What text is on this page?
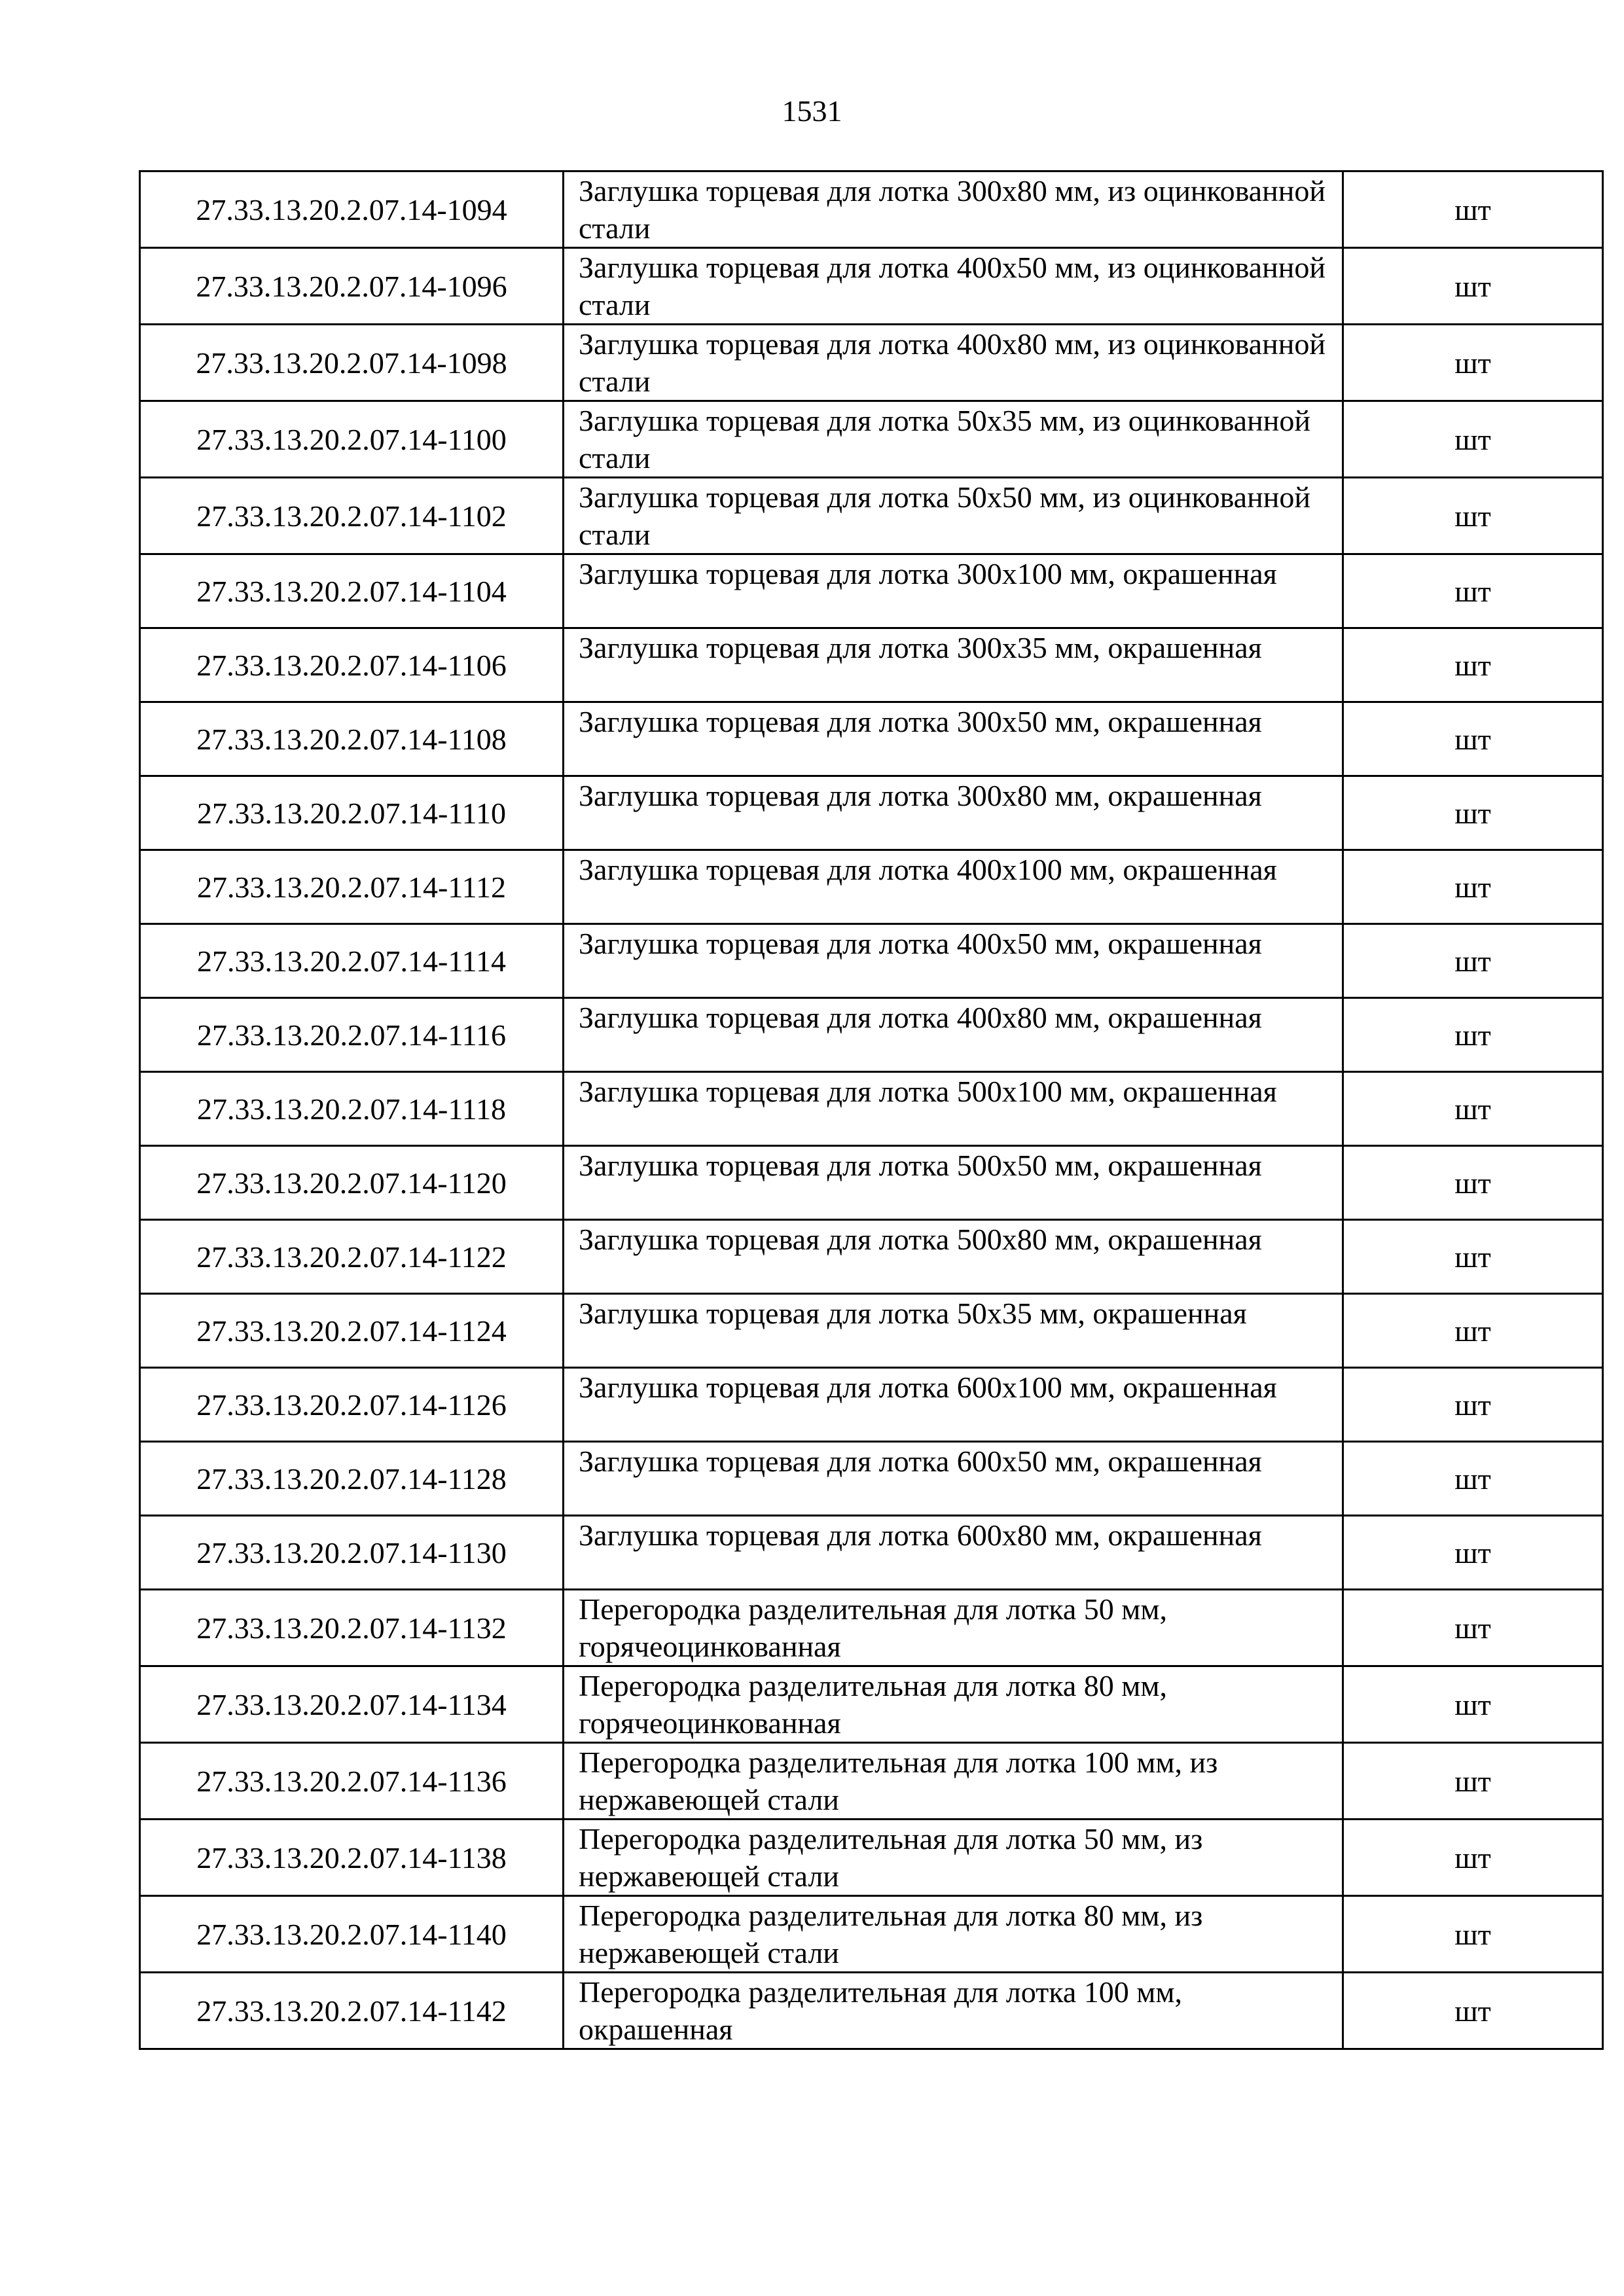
1531
27.33.13.20.2.07.14-1094	Заглушка торцевая для лотка 300х80 мм, из оцинкованной стали	шт
27.33.13.20.2.07.14-1096	Заглушка торцевая для лотка 400х50 мм, из оцинкованной стали	шт
27.33.13.20.2.07.14-1098	Заглушка торцевая для лотка 400х80 мм, из оцинкованной стали	шт
27.33.13.20.2.07.14-1100	Заглушка торцевая для лотка 50х35 мм, из оцинкованной стали	шт
27.33.13.20.2.07.14-1102	Заглушка торцевая для лотка 50х50 мм, из оцинкованной стали	шт
27.33.13.20.2.07.14-1104	Заглушка торцевая для лотка 300х100 мм, окрашенная	шт
27.33.13.20.2.07.14-1106	Заглушка торцевая для лотка 300х35 мм, окрашенная	шт
27.33.13.20.2.07.14-1108	Заглушка торцевая для лотка 300х50 мм, окрашенная	шт
27.33.13.20.2.07.14-1110	Заглушка торцевая для лотка 300х80 мм, окрашенная	шт
27.33.13.20.2.07.14-1112	Заглушка торцевая для лотка 400х100 мм, окрашенная	шт
27.33.13.20.2.07.14-1114	Заглушка торцевая для лотка 400х50 мм, окрашенная	шт
27.33.13.20.2.07.14-1116	Заглушка торцевая для лотка 400х80 мм, окрашенная	шт
27.33.13.20.2.07.14-1118	Заглушка торцевая для лотка 500х100 мм, окрашенная	шт
27.33.13.20.2.07.14-1120	Заглушка торцевая для лотка 500х50 мм, окрашенная	шт
27.33.13.20.2.07.14-1122	Заглушка торцевая для лотка 500х80 мм, окрашенная	шт
27.33.13.20.2.07.14-1124	Заглушка торцевая для лотка 50х35 мм, окрашенная	шт
27.33.13.20.2.07.14-1126	Заглушка торцевая для лотка 600х100 мм, окрашенная	шт
27.33.13.20.2.07.14-1128	Заглушка торцевая для лотка 600х50 мм, окрашенная	шт
27.33.13.20.2.07.14-1130	Заглушка торцевая для лотка 600х80 мм, окрашенная	шт
27.33.13.20.2.07.14-1132	Перегородка разделительная для лотка 50 мм, горячеоцинкованная	шт
27.33.13.20.2.07.14-1134	Перегородка разделительная для лотка 80 мм, горячеоцинкованная	шт
27.33.13.20.2.07.14-1136	Перегородка разделительная для лотка 100 мм, из нержавеющей стали	шт
27.33.13.20.2.07.14-1138	Перегородка разделительная для лотка 50 мм, из нержавеющей стали	шт
27.33.13.20.2.07.14-1140	Перегородка разделительная для лотка 80 мм, из нержавеющей стали	шт
27.33.13.20.2.07.14-1142	Перегородка разделительная для лотка 100 мм, окрашенная	шт
